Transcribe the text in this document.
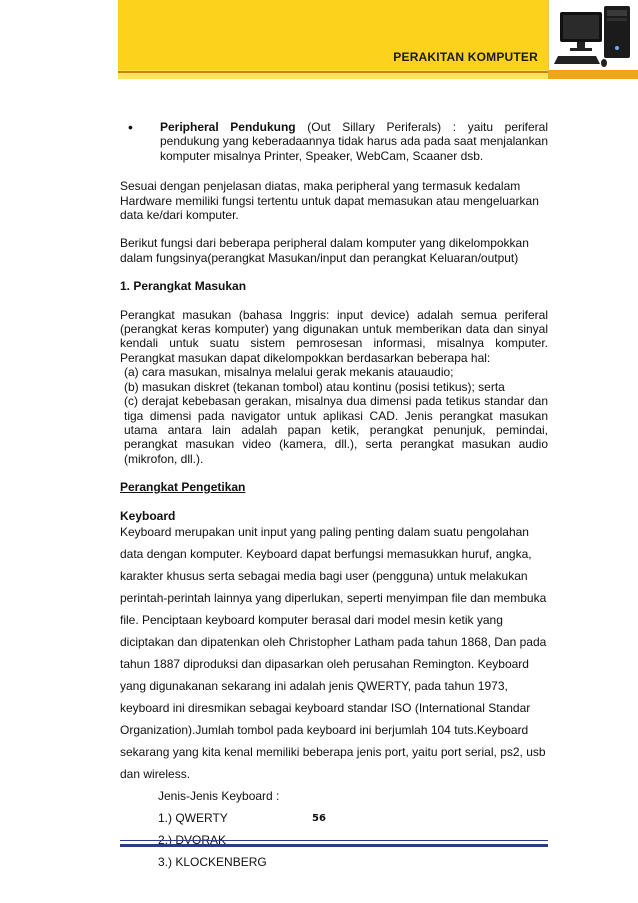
PERAKITAN KOMPUTER
•	Peripheral Pendukung (Out Sillary Periferals) : yaitu periferal pendukung yang keberadaannya tidak harus ada pada saat menjalankan komputer misalnya Printer, Speaker, WebCam, Scaaner dsb.

Sesuai dengan penjelasan diatas, maka peripheral yang termasuk kedalam Hardware memiliki fungsi tertentu untuk dapat memasukan atau mengeluarkan data ke/dari komputer.

Berikut fungsi dari beberapa peripheral dalam komputer yang dikelompokkan dalam fungsinya(perangkat Masukan/input dan perangkat Keluaran/output)

1. Perangkat Masukan
Perangkat masukan (bahasa Inggris: input device) adalah semua periferal (perangkat keras komputer) yang digunakan untuk memberikan data dan sinyal kendali untuk suatu sistem pemrosesan informasi, misalnya komputer. Perangkat masukan dapat dikelompokkan berdasarkan beberapa hal:
(a) cara masukan, misalnya melalui gerak mekanis atauaudio;
(b) masukan diskret (tekanan tombol) atau kontinu (posisi tetikus); serta
(c) derajat kebebasan gerakan, misalnya dua dimensi pada tetikus standar dan tiga dimensi pada navigator untuk aplikasi CAD. Jenis perangkat masukan utama antara lain adalah papan ketik, perangkat penunjuk, pemindai, perangkat masukan video (kamera, dll.), serta perangkat masukan audio (mikrofon, dll.).
Perangkat Pengetikan
Keyboard
Keyboard merupakan unit input yang paling penting dalam suatu pengolahan data dengan komputer. Keyboard dapat berfungsi memasukkan huruf, angka, karakter khusus serta sebagai media bagi user (pengguna) untuk melakukan perintah-perintah lainnya yang diperlukan, seperti menyimpan file dan membuka file. Penciptaan keyboard komputer berasal dari model mesin ketik yang diciptakan dan dipatenkan oleh Christopher Latham pada tahun 1868, Dan pada tahun 1887 diproduksi dan dipasarkan oleh perusahan Remington. Keyboard yang digunakanan sekarang ini adalah jenis QWERTY, pada tahun 1973, keyboard ini diresmikan sebagai keyboard standar ISO (International Standar Organization).Jumlah tombol pada keyboard ini berjumlah 104 tuts.Keyboard sekarang yang kita kenal memiliki beberapa jenis port, yaitu port serial, ps2, usb dan wireless.
Jenis-Jenis Keyboard :
1.) QWERTY
2.) DVORAK
3.) KLOCKENBERG
56
